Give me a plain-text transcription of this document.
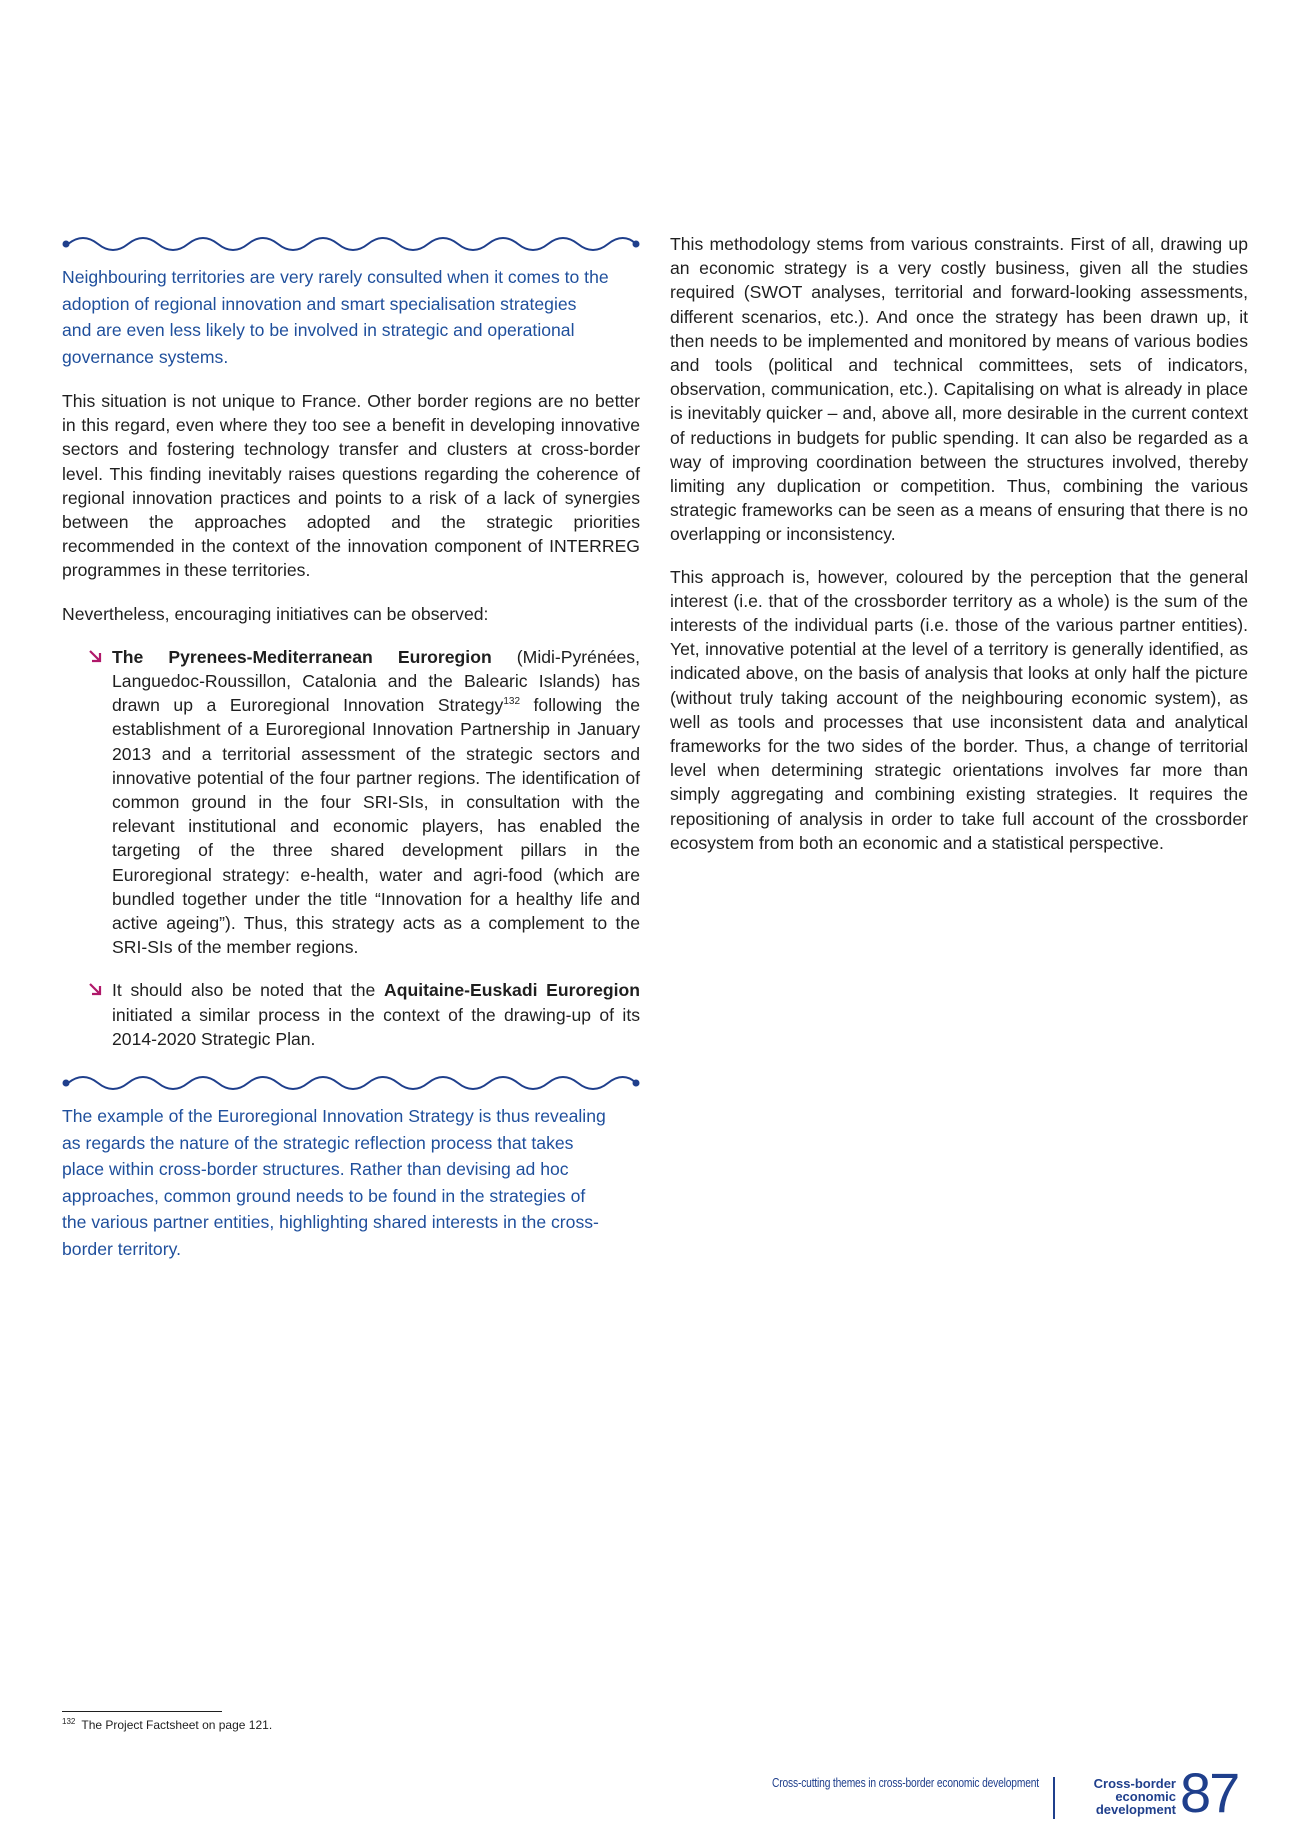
Neighbouring territories are very rarely consulted when it comes to the adoption of regional innovation and smart specialisation strategies and are even less likely to be involved in strategic and operational governance systems.

This situation is not unique to France. Other border regions are no better in this regard, even where they too see a benefit in developing innovative sectors and fostering technology transfer and clusters at cross-border level. This finding inevitably raises questions regarding the coherence of regional innovation practices and points to a risk of a lack of synergies between the approaches adopted and the strategic priorities recommended in the context of the innovation component of INTERREG programmes in these territories.

Nevertheless, encouraging initiatives can be observed:

The Pyrenees-Mediterranean Euroregion (Midi-Pyrénées, Languedoc-Roussillon, Catalonia and the Balearic Islands) has drawn up a Euroregional Innovation Strategy$^{132}$ following the establishment of a Euroregional Innovation Partnership in January 2013 and a territorial assessment of the strategic sectors and innovative potential of the four partner regions. The identification of common ground in the four SRI-SIs, in consultation with the relevant institutional and economic players, has enabled the targeting of the three shared development pillars in the Euroregional strategy: e-health, water and agri-food (which are bundled together under the title “Innovation for a healthy life and active ageing”). Thus, this strategy acts as a complement to the SRI-SIs of the member regions.
It should also be noted that the Aquitaine-Euskadi Euroregion initiated a similar process in the context of the drawing-up of its 2014-2020 Strategic Plan.

The example of the Euroregional Innovation Strategy is thus revealing as regards the nature of the strategic reflection process that takes place within cross-border structures. Rather than devising ad hoc approaches, common ground needs to be found in the strategies of the various partner entities, highlighting shared interests in the cross-border territory.

This methodology stems from various constraints. First of all, drawing up an economic strategy is a very costly business, given all the studies required (SWOT analyses, territorial and forward-looking assessments, different scenarios, etc.). And once the strategy has been drawn up, it then needs to be implemented and monitored by means of various bodies and tools (political and technical committees, sets of indicators, observation, communication, etc.). Capitalising on what is already in place is inevitably quicker – and, above all, more desirable in the current context of reductions in budgets for public spending. It can also be regarded as a way of improving coordination between the structures involved, thereby limiting any duplication or competition. Thus, combining the various strategic frameworks can be seen as a means of ensuring that there is no overlapping or inconsistency.

This approach is, however, coloured by the perception that the general interest (i.e. that of the crossborder territory as a whole) is the sum of the interests of the individual parts (i.e. those of the various partner entities). Yet, innovative potential at the level of a territory is generally identified, as indicated above, on the basis of analysis that looks at only half the picture (without truly taking account of the neighbouring economic system), as well as tools and processes that use inconsistent data and analytical frameworks for the two sides of the border. Thus, a change of territorial level when determining strategic orientations involves far more than simply aggregating and combining existing strategies. It requires the repositioning of analysis in order to take full account of the crossborder ecosystem from both an economic and a statistical perspective.

$^{132}$ The Project Factsheet on page 121.
Cross-cutting themes in cross-border economic development	Cross-border
economic
development 87
